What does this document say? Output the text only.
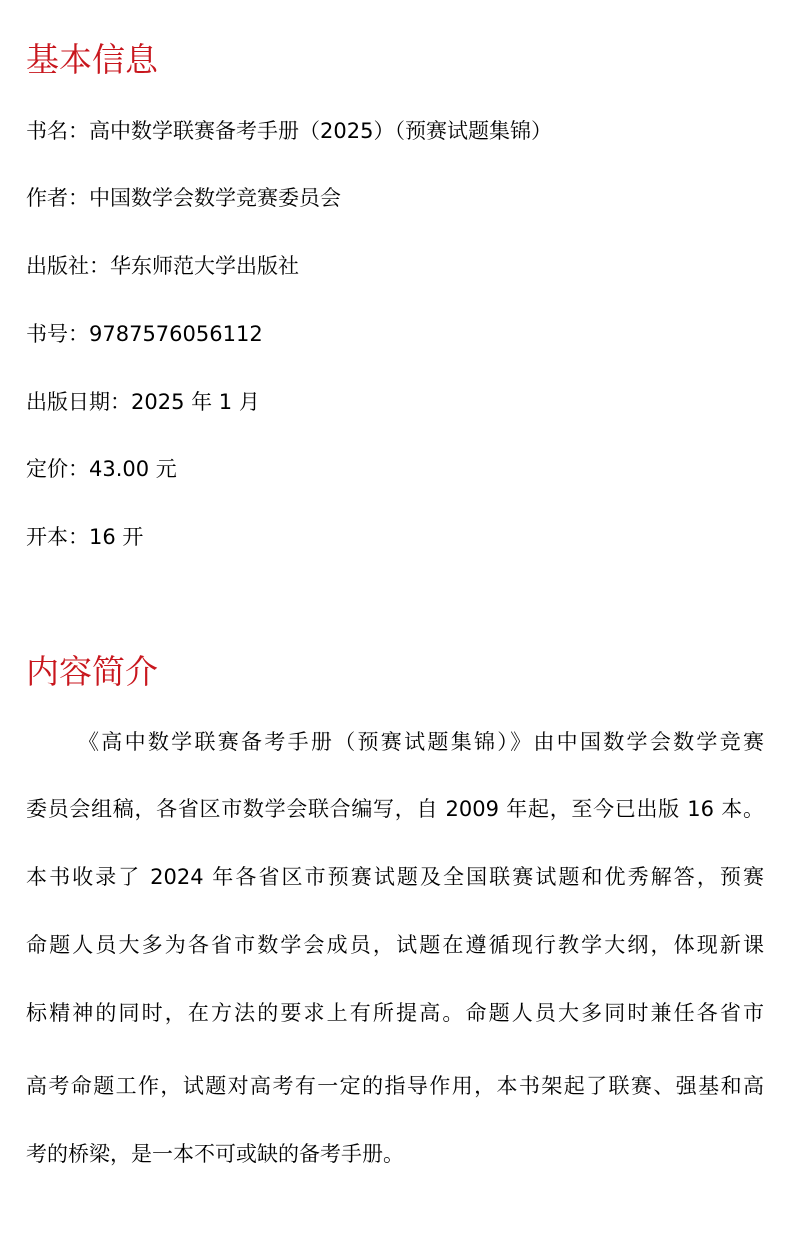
基本信息
书名：高中数学联赛备考手册（2025）（预赛试题集锦）
作者：中国数学会数学竞赛委员会
出版社：华东师范大学出版社
书号：9787576056112
出版日期：2025 年 1 月
定价：43.00 元
开本：16 开
内容简介
《高中数学联赛备考手册（预赛试题集锦）》由中国数学会数学竞赛
委员会组稿，各省区市数学会联合编写，自 2009 年起，至今已出版 16 本。
本书收录了 2024 年各省区市预赛试题及全国联赛试题和优秀解答，预赛
命题人员大多为各省市数学会成员，试题在遵循现行教学大纲，体现新课
标精神的同时，在方法的要求上有所提高。命题人员大多同时兼任各省市
高考命题工作，试题对高考有一定的指导作用，本书架起了联赛、强基和高
考的桥梁，是一本不可或缺的备考手册。
